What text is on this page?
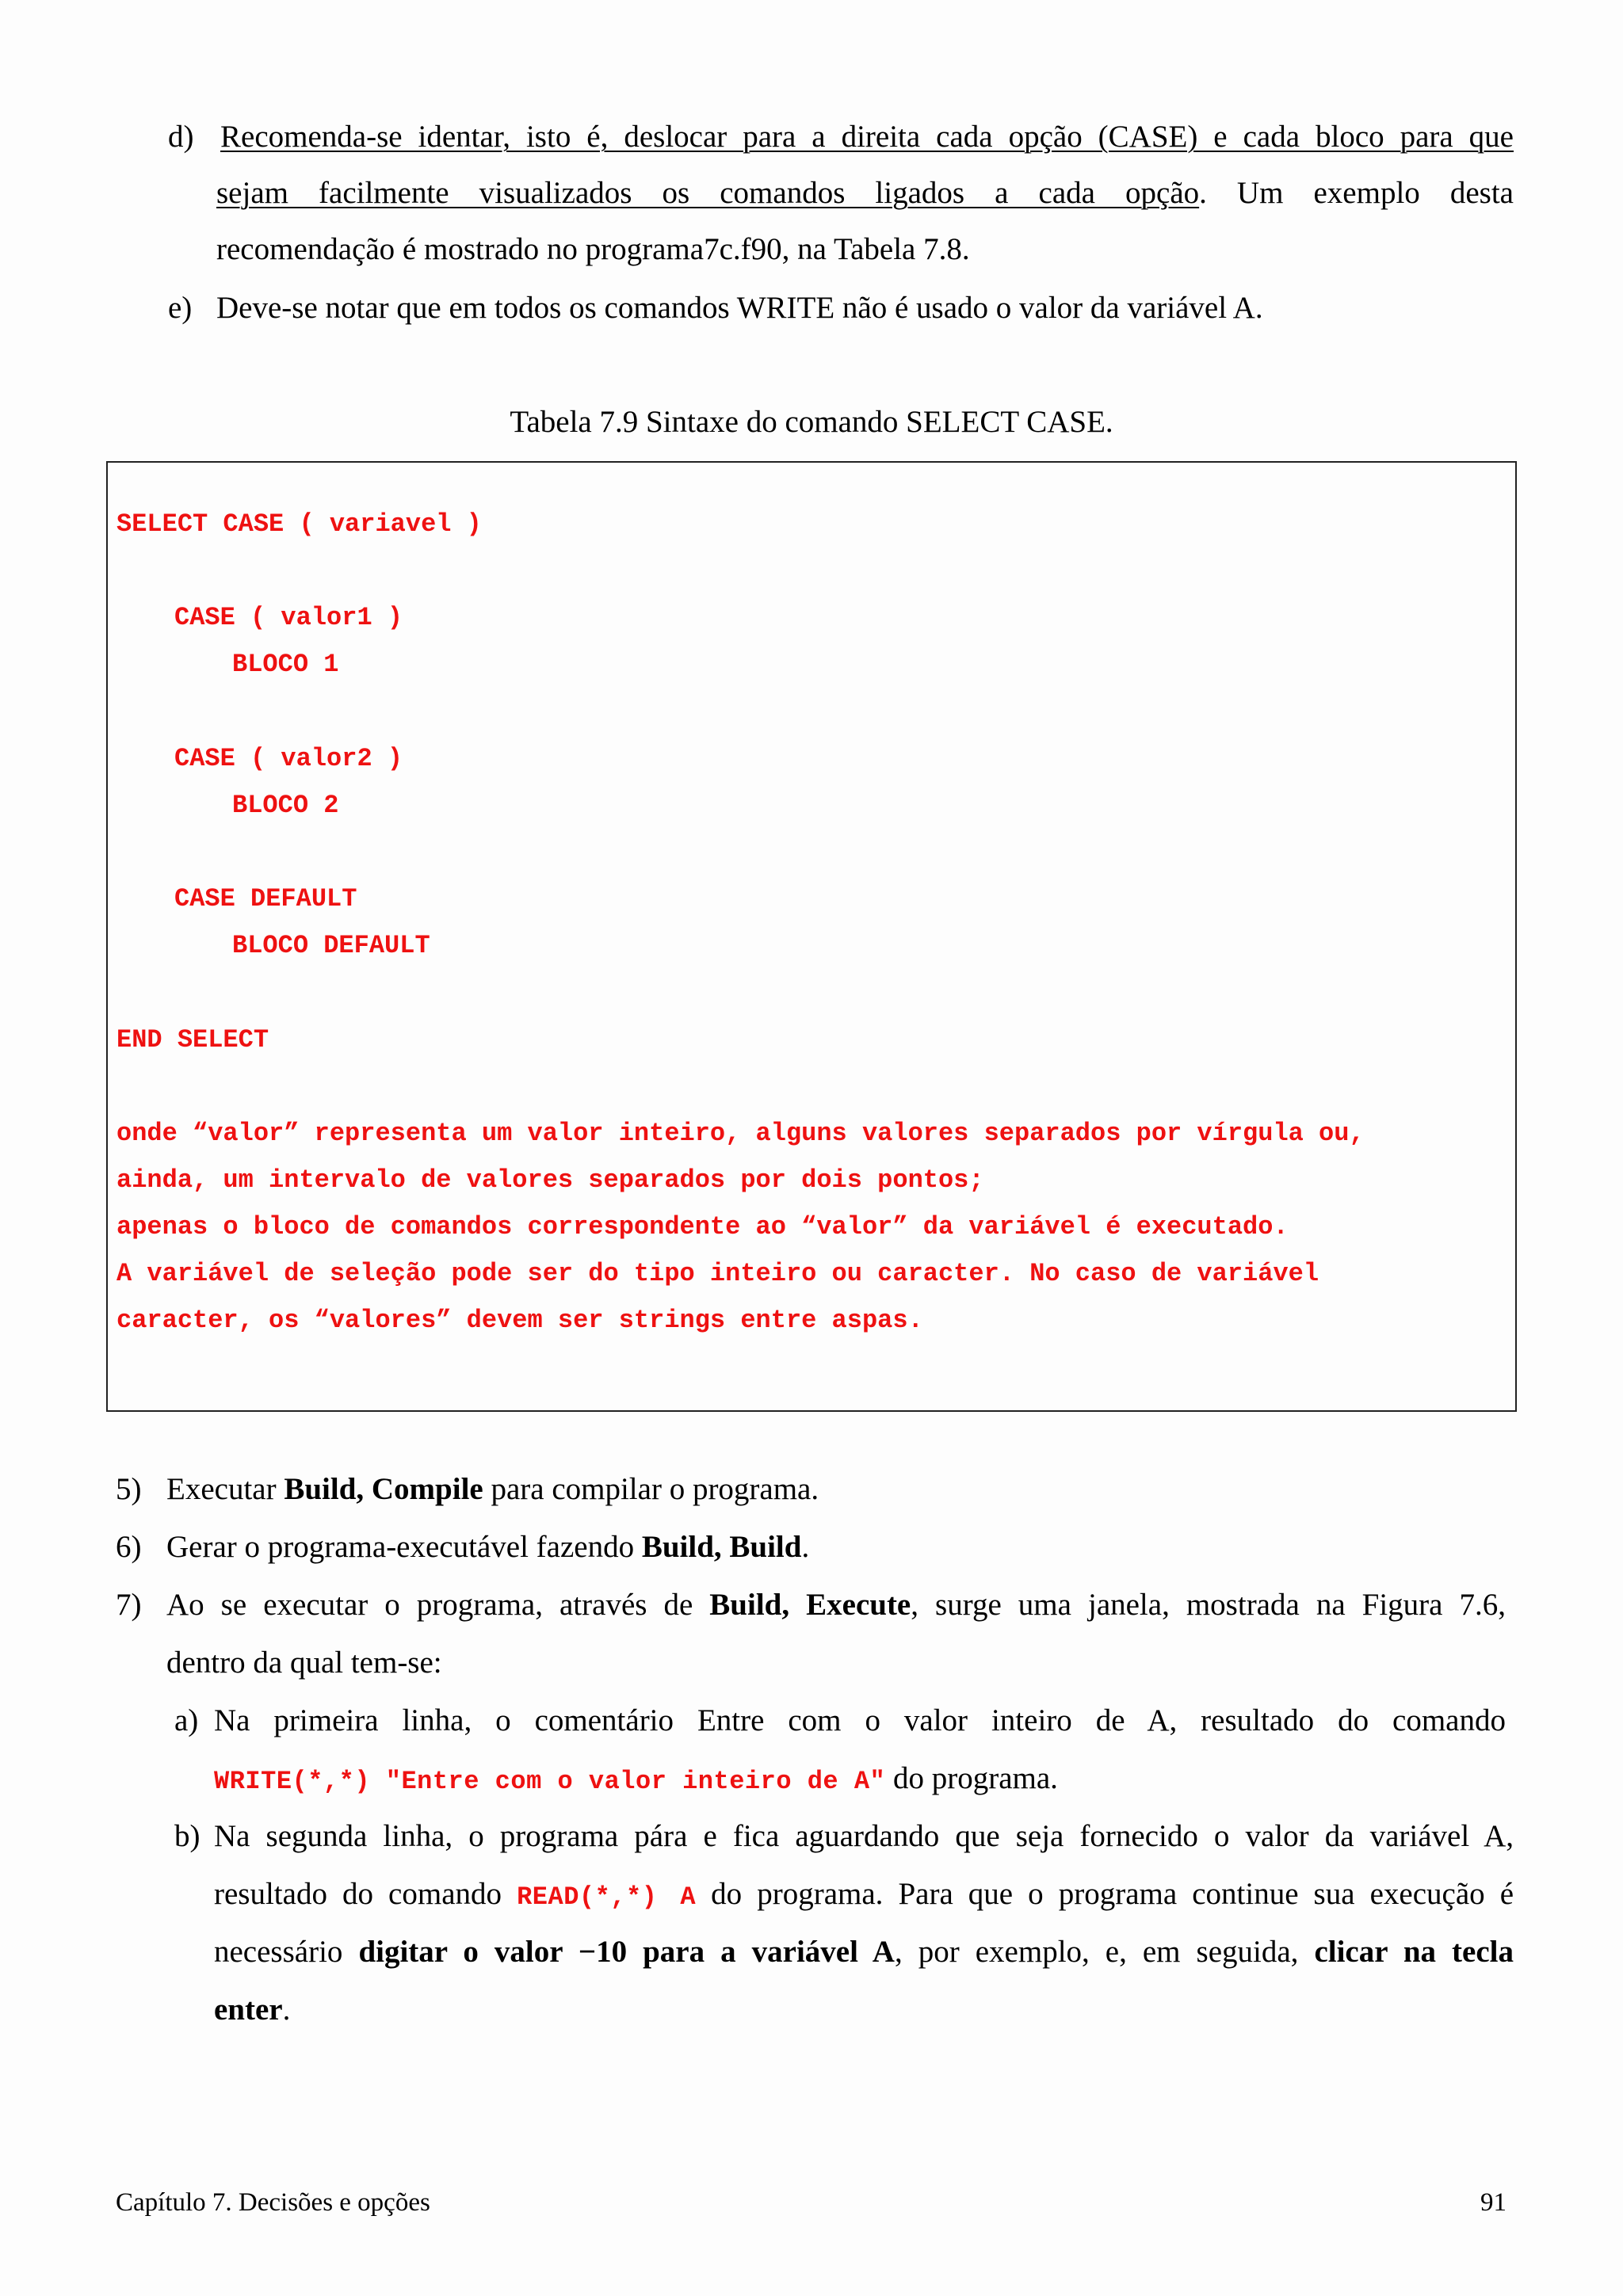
d) Recomenda-se identar, isto é, deslocar para a direita cada opção (CASE) e cada bloco para que
sejam facilmente visualizados os comandos ligados a cada opção. Um exemplo desta
recomendação é mostrado no programa7c.f90, na Tabela 7.8.
e) Deve-se notar que em todos os comandos WRITE não é usado o valor da variável A.
Tabela 7.9 Sintaxe do comando SELECT CASE.
SELECT CASE ( variavel )
CASE ( valor1 )
BLOCO 1
CASE ( valor2 )
BLOCO 2
CASE DEFAULT
BLOCO DEFAULT
END SELECT
onde “valor” representa um valor inteiro, alguns valores separados por vírgula ou,
ainda, um intervalo de valores separados por dois pontos;
apenas o bloco de comandos correspondente ao “valor” da variável é executado.
A variável de seleção pode ser do tipo inteiro ou caracter. No caso de variável
caracter, os “valores” devem ser strings entre aspas.
5) Executar Build, Compile para compilar o programa.
6) Gerar o programa-executável fazendo Build, Build.
7) Ao se executar o programa, através de Build, Execute, surge uma janela, mostrada na Figura 7.6,
dentro da qual tem-se:
a) Na primeira linha, o comentário Entre com o valor inteiro de A, resultado do comando
WRITE(*,*) "Entre com o valor inteiro de A" do programa.
b) Na segunda linha, o programa pára e fica aguardando que seja fornecido o valor da variável A,
resultado do comando READ(*,*) A do programa. Para que o programa continue sua execução é
necessário digitar o valor −10 para a variável A, por exemplo, e, em seguida, clicar na tecla
enter.
Capítulo 7. Decisões e opções	91
